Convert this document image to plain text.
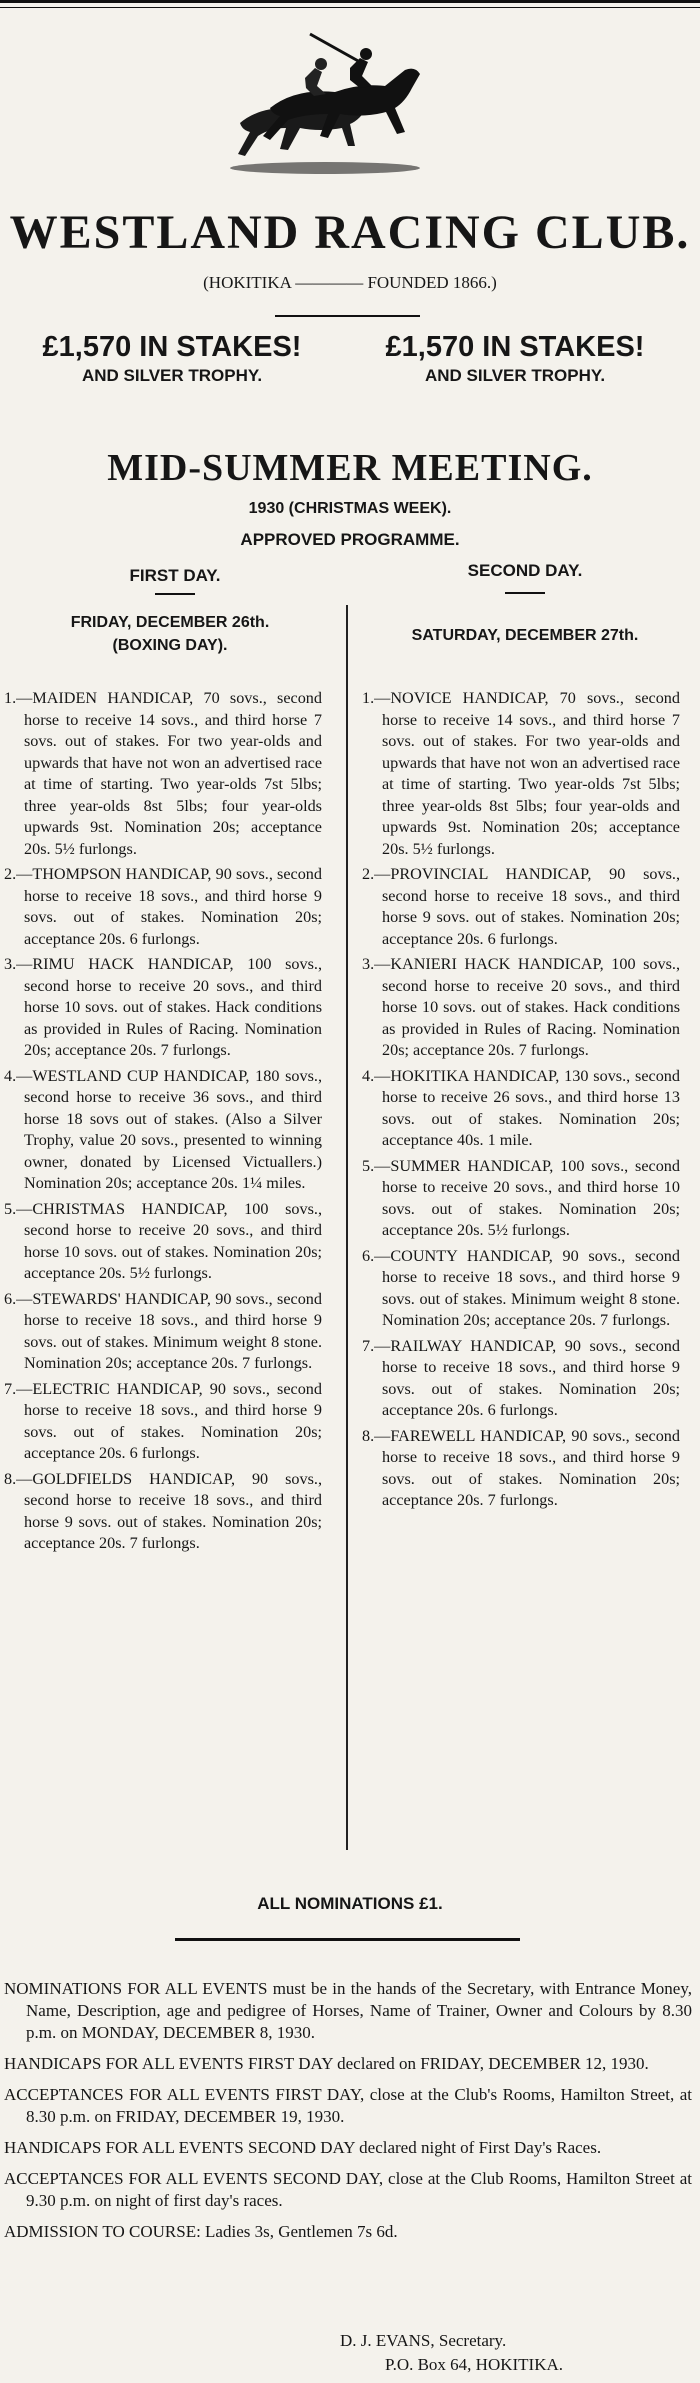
WESTLAND RACING CLUB.
(HOKITIKA ———— FOUNDED 1866.)
£1,570 IN STAKES!
AND SILVER TROPHY.
£1,570 IN STAKES!
AND SILVER TROPHY.
MID-SUMMER MEETING.
1930 (CHRISTMAS WEEK).
APPROVED PROGRAMME.
FIRST DAY.
FRIDAY, DECEMBER 26th.
(BOXING DAY).
SECOND DAY.
SATURDAY, DECEMBER 27th.

1.—MAIDEN HANDICAP, 70 sovs., second horse to receive 14 sovs., and third horse 7 sovs. out of stakes. For two year-olds and upwards that have not won an advertised race at time of starting. Two year-olds 7st 5lbs; three year-olds 8st 5lbs; four year-olds upwards 9st. Nomination 20s; acceptance 20s. 5½ furlongs.

2.—THOMPSON HANDICAP, 90 sovs., second horse to receive 18 sovs., and third horse 9 sovs. out of stakes. Nomination 20s; acceptance 20s. 6 furlongs.

3.—RIMU HACK HANDICAP, 100 sovs., second horse to receive 20 sovs., and third horse 10 sovs. out of stakes. Hack conditions as provided in Rules of Racing. Nomination 20s; acceptance 20s. 7 furlongs.

4.—WESTLAND CUP HANDICAP, 180 sovs., second horse to receive 36 sovs., and third horse 18 sovs out of stakes. (Also a Silver Trophy, value 20 sovs., presented to winning owner, donated by Licensed Victuallers.) Nomination 20s; acceptance 20s. 1¼ miles.

5.—CHRISTMAS HANDICAP, 100 sovs., second horse to receive 20 sovs., and third horse 10 sovs. out of stakes. Nomination 20s; acceptance 20s. 5½ furlongs.

6.—STEWARDS' HANDICAP, 90 sovs., second horse to receive 18 sovs., and third horse 9 sovs. out of stakes. Minimum weight 8 stone. Nomination 20s; acceptance 20s. 7 furlongs.

7.—ELECTRIC HANDICAP, 90 sovs., second horse to receive 18 sovs., and third horse 9 sovs. out of stakes. Nomination 20s; acceptance 20s. 6 furlongs.

8.—GOLDFIELDS HANDICAP, 90 sovs., second horse to receive 18 sovs., and third horse 9 sovs. out of stakes. Nomination 20s; acceptance 20s. 7 furlongs.

1.—NOVICE HANDICAP, 70 sovs., second horse to receive 14 sovs., and third horse 7 sovs. out of stakes. For two year-olds and upwards that have not won an advertised race at time of starting. Two year-olds 7st 5lbs; three year-olds 8st 5lbs; four year-olds and upwards 9st. Nomination 20s; acceptance 20s. 5½ furlongs.

2.—PROVINCIAL HANDICAP, 90 sovs., second horse to receive 18 sovs., and third horse 9 sovs. out of stakes. Nomination 20s; acceptance 20s. 6 furlongs.

3.—KANIERI HACK HANDICAP, 100 sovs., second horse to receive 20 sovs., and third horse 10 sovs. out of stakes. Hack conditions as provided in Rules of Racing. Nomination 20s; acceptance 20s. 7 furlongs.

4.—HOKITIKA HANDICAP, 130 sovs., second horse to receive 26 sovs., and third horse 13 sovs. out of stakes. Nomination 20s; acceptance 40s. 1 mile.

5.—SUMMER HANDICAP, 100 sovs., second horse to receive 20 sovs., and third horse 10 sovs. out of stakes. Nomination 20s; acceptance 20s. 5½ furlongs.

6.—COUNTY HANDICAP, 90 sovs., second horse to receive 18 sovs., and third horse 9 sovs. out of stakes. Minimum weight 8 stone. Nomination 20s; acceptance 20s. 7 furlongs.

7.—RAILWAY HANDICAP, 90 sovs., second horse to receive 18 sovs., and third horse 9 sovs. out of stakes. Nomination 20s; acceptance 20s. 6 furlongs.

8.—FAREWELL HANDICAP, 90 sovs., second horse to receive 18 sovs., and third horse 9 sovs. out of stakes. Nomination 20s; acceptance 20s. 7 furlongs.

ALL NOMINATIONS £1.

NOMINATIONS FOR ALL EVENTS must be in the hands of the Secretary, with Entrance Money, Name, Description, age and pedigree of Horses, Name of Trainer, Owner and Colours by 8.30 p.m. on MONDAY, DECEMBER 8, 1930.

HANDICAPS FOR ALL EVENTS FIRST DAY declared on FRIDAY, DECEMBER 12, 1930.

ACCEPTANCES FOR ALL EVENTS FIRST DAY, close at the Club's Rooms, Hamilton Street, at 8.30 p.m. on FRIDAY, DECEMBER 19, 1930.

HANDICAPS FOR ALL EVENTS SECOND DAY declared night of First Day's Races.

ACCEPTANCES FOR ALL EVENTS SECOND DAY, close at the Club Rooms, Hamilton Street at 9.30 p.m. on night of first day's races.

ADMISSION TO COURSE: Ladies 3s, Gentlemen 7s 6d.

D. J. EVANS, Secretary.
P.O. Box 64, HOKITIKA.
